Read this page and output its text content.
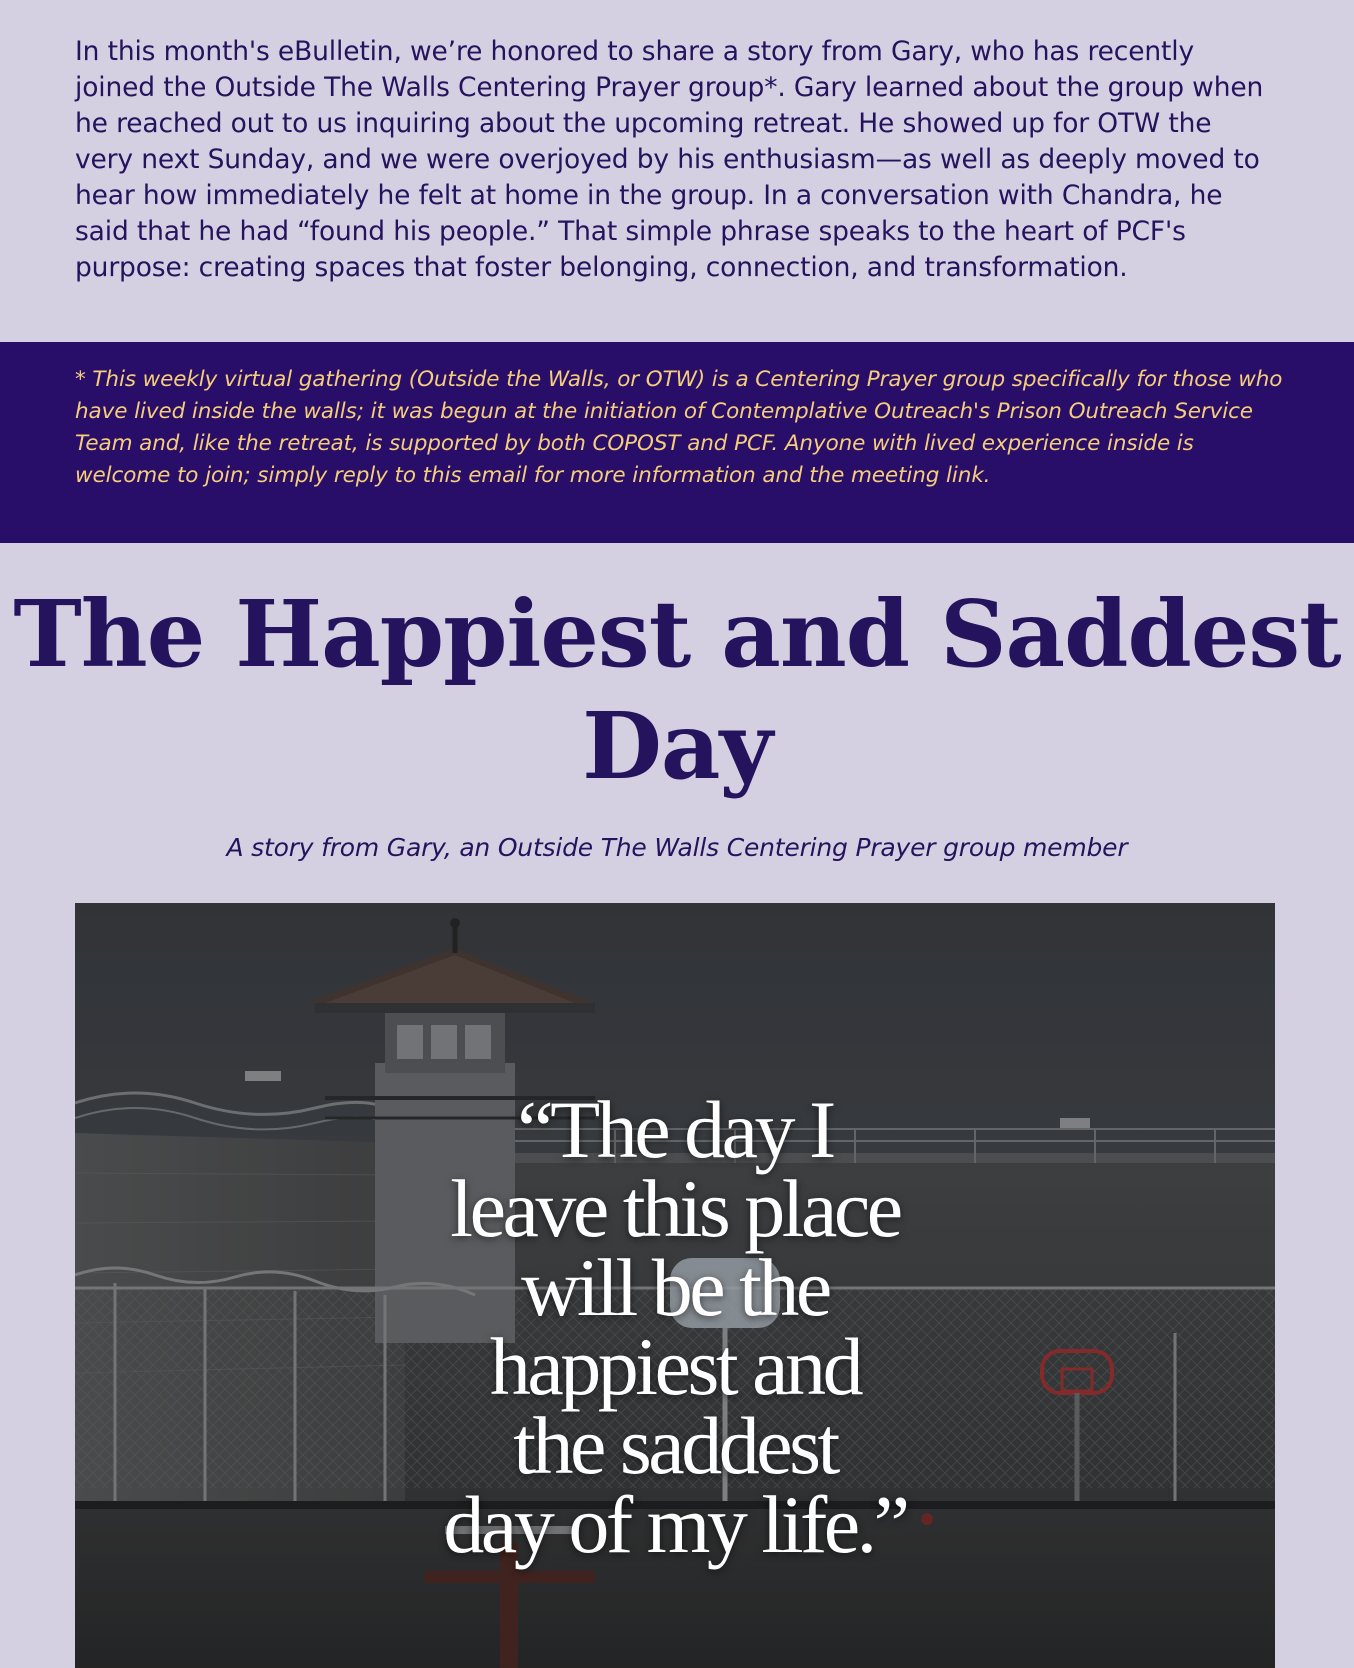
In this month's eBulletin, we’re honored to share a story from Gary, who has recently joined the Outside The Walls Centering Prayer group*. Gary learned about the group when he reached out to us inquiring about the upcoming retreat. He showed up for OTW the very next Sunday, and we were overjoyed by his enthusiasm—as well as deeply moved to hear how immediately he felt at home in the group. In a conversation with Chandra, he said that he had “found his people.” That simple phrase speaks to the heart of PCF's purpose: creating spaces that foster belonging, connection, and transformation.

* This weekly virtual gathering (Outside the Walls, or OTW) is a Centering Prayer group specifically for those who have lived inside the walls; it was begun at the initiation of Contemplative Outreach's Prison Outreach Service Team and, like the retreat, is supported by both COPOST and PCF. Anyone with lived experience inside is welcome to join; simply reply to this email for more information and the meeting link.

The Happiest and Saddest Day

A story from Gary, an Outside The Walls Centering Prayer group member

“The day I
leave this place
will be the
happiest and
the saddest
day of my life.”
